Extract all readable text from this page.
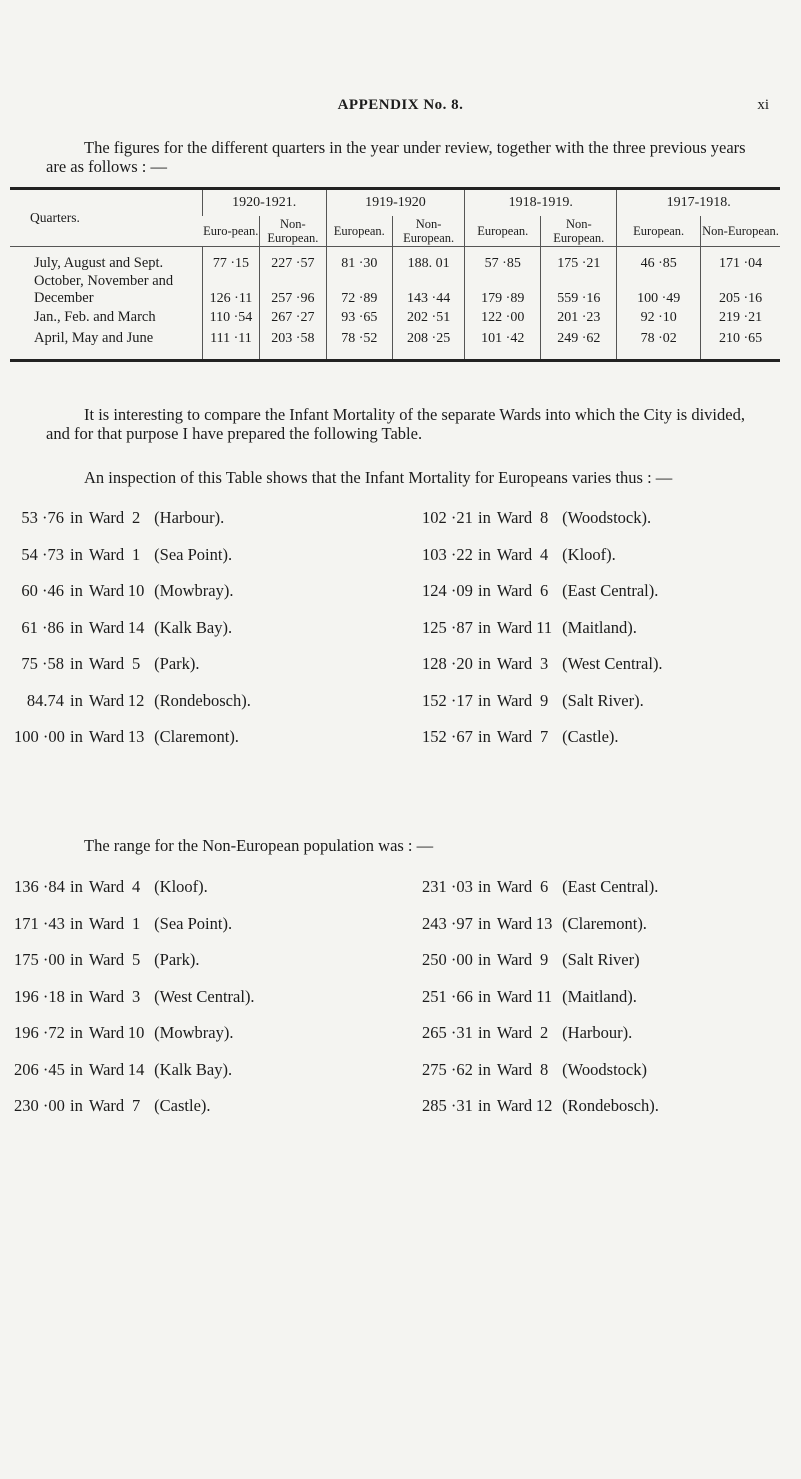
APPENDIX No. 8.	xi

The figures for the different quarters in the year under review, together with the three previous years are as follows : —

Quarters.	1920-1921.		1919-1920		1918-1919.		1917-1918.	
	Euro-pean.	Non-European.	European.	Non-European.	European.	Non-European.	European.	Non-European.
July, August and Sept.	77 ·15	227 ·57	81 ·30	188. 01	57 ·85	175 ·21	46 ·85	171 ·04
October, November and December	126 ·11	257 ·96	72 ·89	143 ·44	179 ·89	559 ·16	100 ·49	205 ·16
Jan., Feb. and March	110 ·54	267 ·27	93 ·65	202 ·51	122 ·00	201 ·23	92 ·10	219 ·21
April, May and June	111 ·11	203 ·58	78 ·52	208 ·25	101 ·42	249 ·62	78 ·02	210 ·65

It is interesting to compare the Infant Mortality of the separate Wards into which the City is divided, and for that purpose I have prepared the following Table.

An inspection of this Table shows that the Infant Mortality for Europeans varies thus : —

53 ·76 in Ward 2 (Harbour).
54 ·73 in Ward 1 (Sea Point).
60 ·46 in Ward 10 (Mowbray).
61 ·86 in Ward 14 (Kalk Bay).
75 ·58 in Ward 5 (Park).
84.74 in Ward 12 (Rondebosch).
100 ·00 in Ward 13 (Claremont).
102 ·21 in Ward 8 (Woodstock).
103 ·22 in Ward 4 (Kloof).
124 ·09 in Ward 6 (East Central).
125 ·87 in Ward 11 (Maitland).
128 ·20 in Ward 3 (West Central).
152 ·17 in Ward 9 (Salt River).
152 ·67 in Ward 7 (Castle).

The range for the Non-European population was : —

136 ·84 in Ward 4 (Kloof).
171 ·43 in Ward 1 (Sea Point).
175 ·00 in Ward 5 (Park).
196 ·18 in Ward 3 (West Central).
196 ·72 in Ward 10 (Mowbray).
206 ·45 in Ward 14 (Kalk Bay).
230 ·00 in Ward 7 (Castle).
231 ·03 in Ward 6 (East Central).
243 ·97 in Ward 13 (Claremont).
250 ·00 in Ward 9 (Salt River)
251 ·66 in Ward 11 (Maitland).
265 ·31 in Ward 2 (Harbour).
275 ·62 in Ward 8 (Woodstock)
285 ·31 in Ward 12 (Rondebosch).
